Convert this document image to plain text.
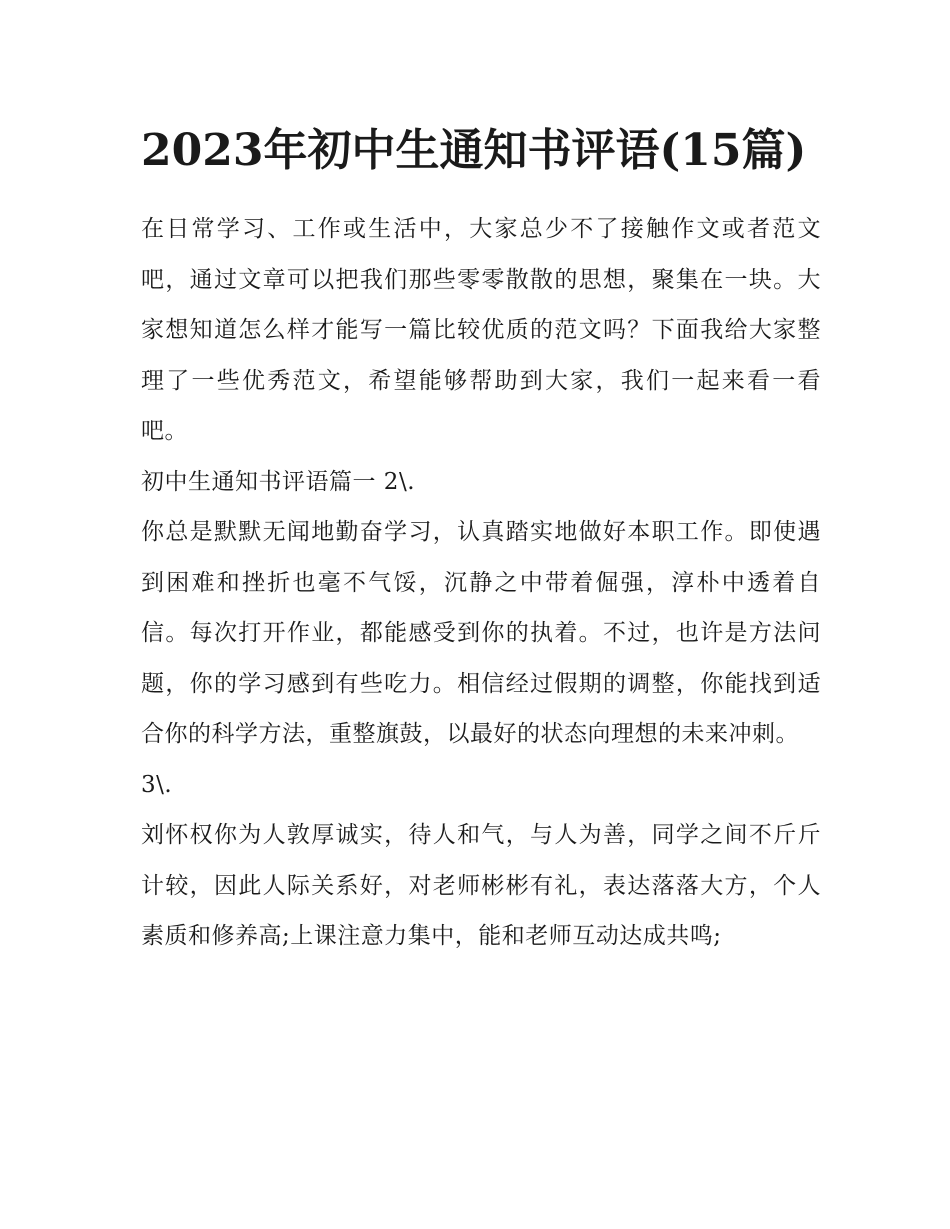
2023年初中生通知书评语(15篇)

在日常学习、工作或生活中，大家总少不了接触作文或者范文吧，通过文章可以把我们那些零零散散的思想，聚集在一块。大家想知道怎么样才能写一篇比较优质的范文吗？下面我给大家整理了一些优秀范文，希望能够帮助到大家，我们一起来看一看吧。

初中生通知书评语篇一 2\.

你总是默默无闻地勤奋学习，认真踏实地做好本职工作。即使遇到困难和挫折也毫不气馁，沉静之中带着倔强，淳朴中透着自信。每次打开作业，都能感受到你的执着。不过，也许是方法问题，你的学习感到有些吃力。相信经过假期的调整，你能找到适合你的科学方法，重整旗鼓，以最好的状态向理想的未来冲刺。

3\.

刘怀权你为人敦厚诚实，待人和气，与人为善，同学之间不斤斤计较，因此人际关系好，对老师彬彬有礼，表达落落大方，个人素质和修养高;上课注意力集中，能和老师互动达成共鸣;
